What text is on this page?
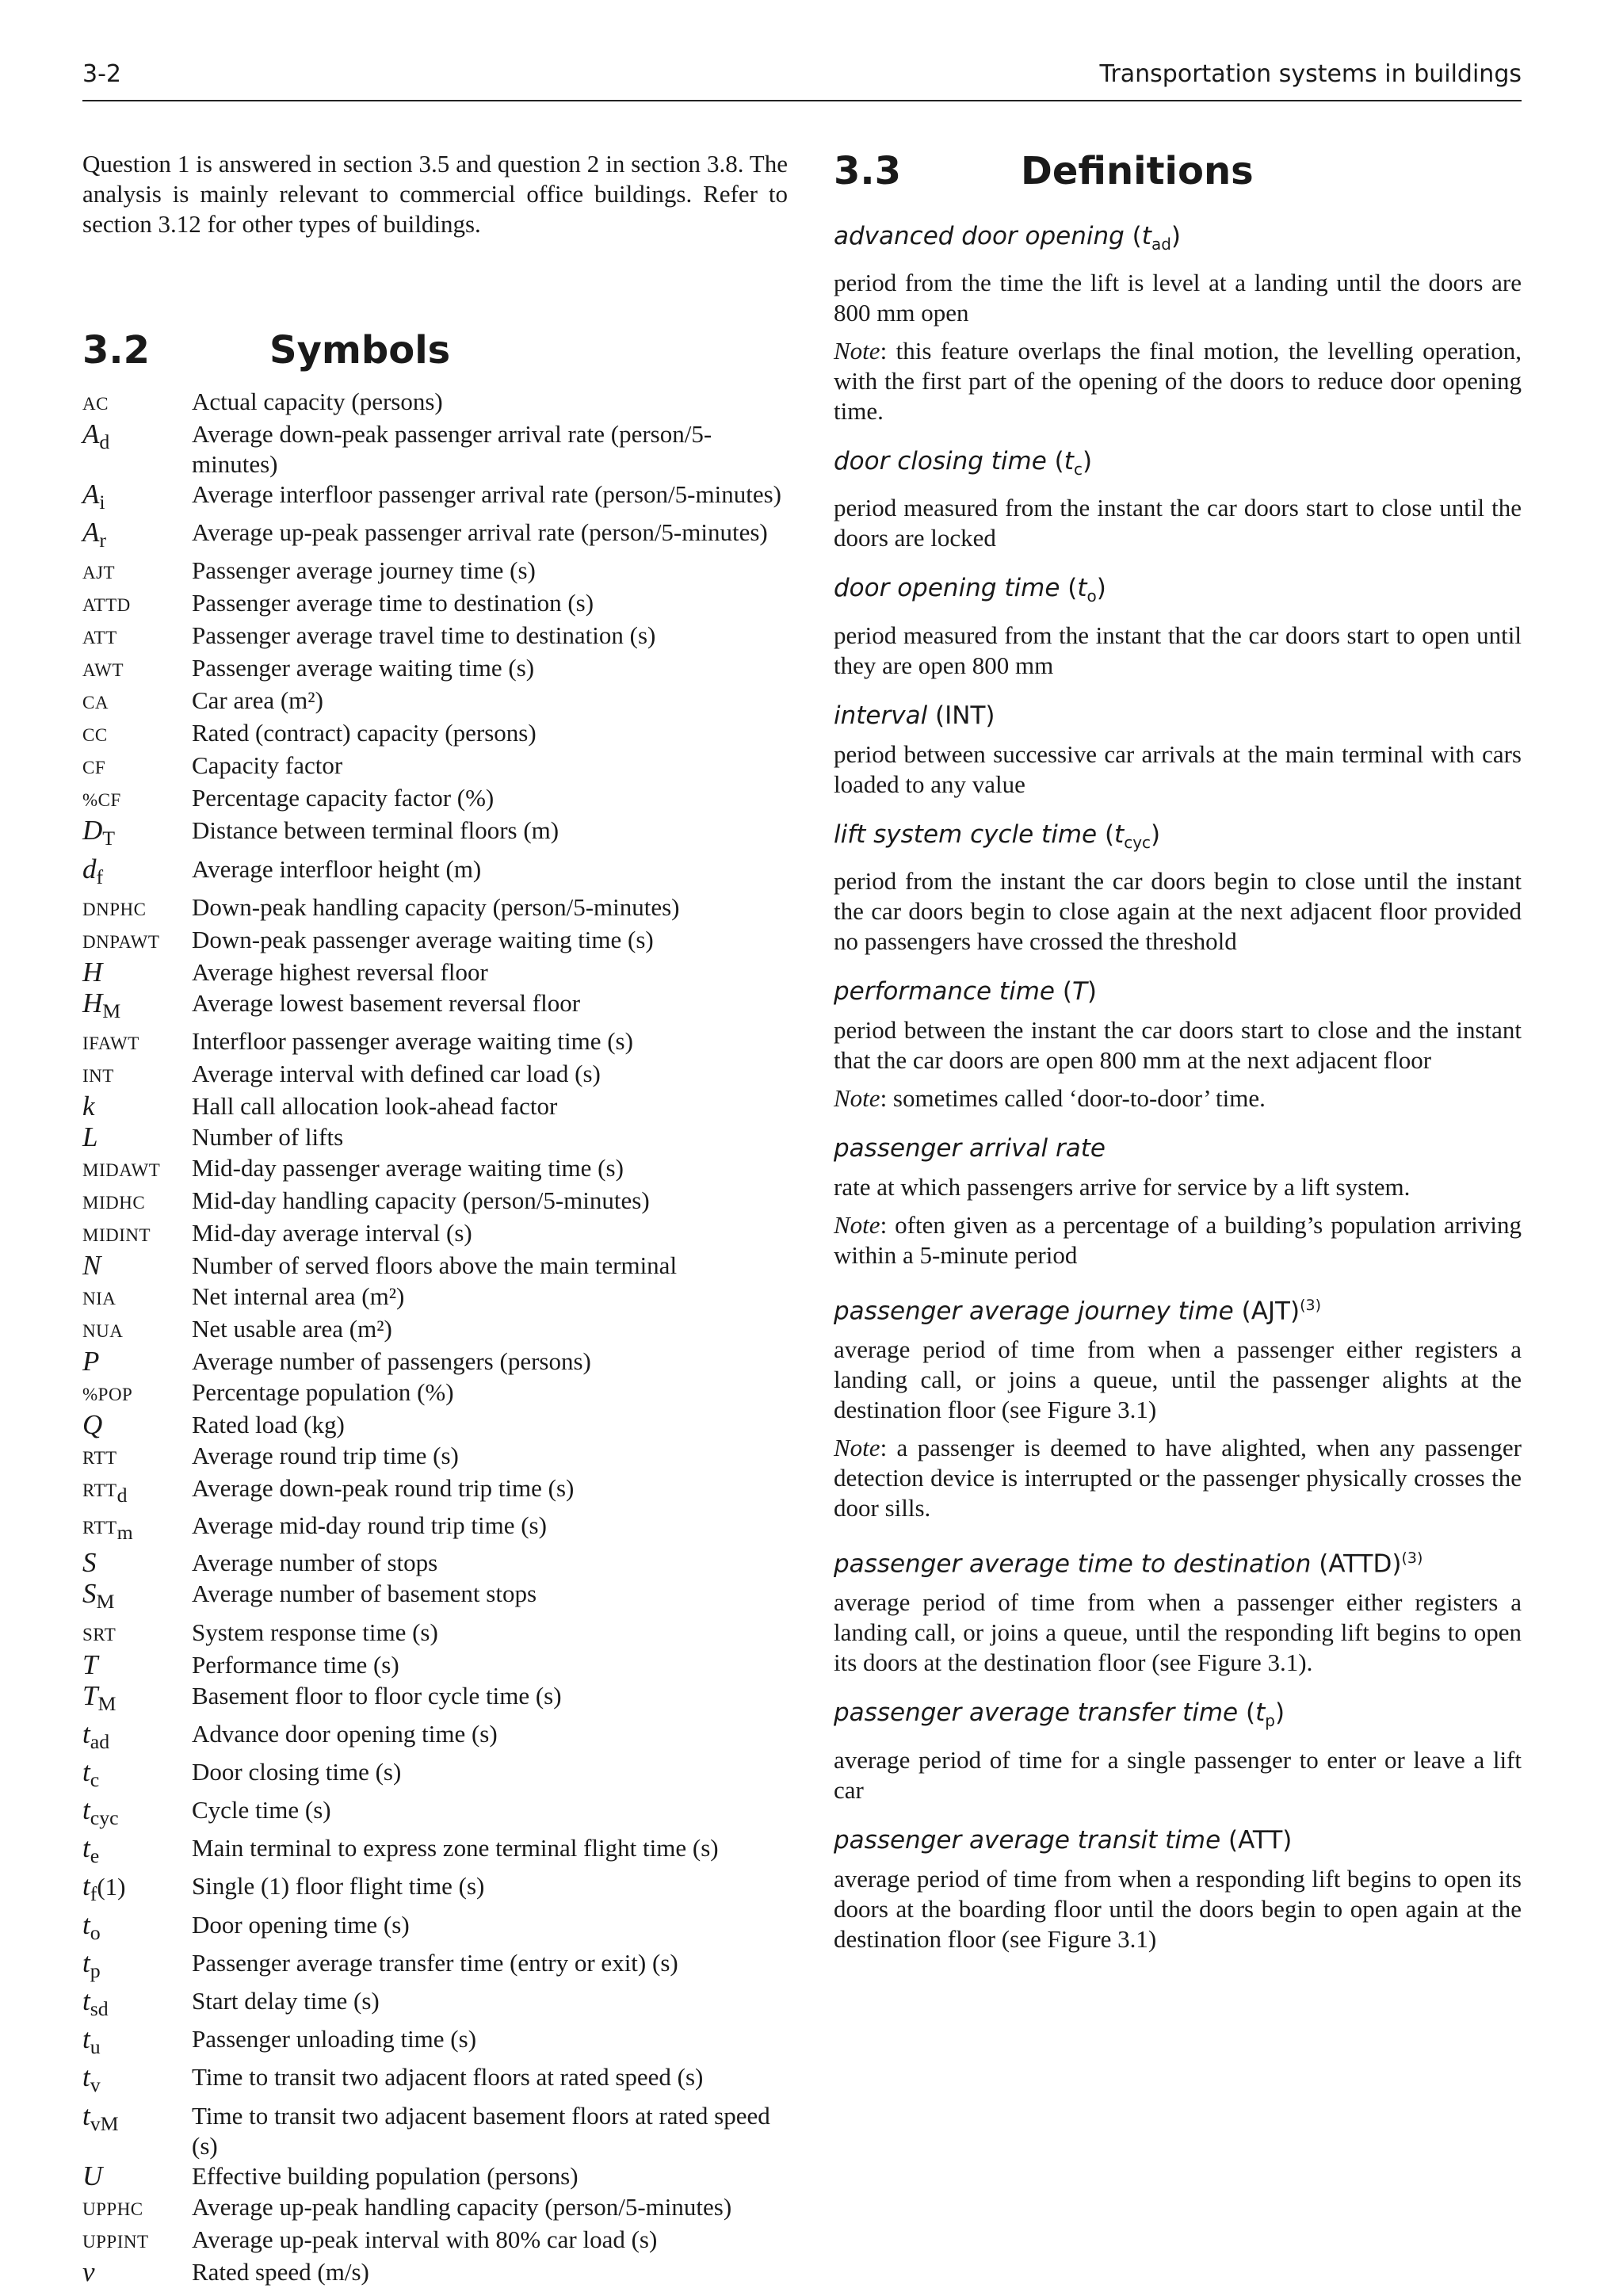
3-2	Transportation systems in buildings

Question 1 is answered in section 3.5 and question 2 in section 3.8. The analysis is mainly relevant to commercial office buildings. Refer to section 3.12 for other types of buildings.

3.2	Symbols
AC	Actual capacity (persons)
$A_d$	Average down-peak passenger arrival rate (person/5-minutes)
$A_i$	Average interfloor passenger arrival rate (person/5-minutes)
$A_r$	Average up-peak passenger arrival rate (person/5-minutes)
AJT	Passenger average journey time (s)
ATTD	Passenger average time to destination (s)
ATT	Passenger average travel time to destination (s)
AWT	Passenger average waiting time (s)
CA	Car area (m²)
CC	Rated (contract) capacity (persons)
CF	Capacity factor
%CF	Percentage capacity factor (%)
$D_T$	Distance between terminal floors (m)
$d_f$	Average interfloor height (m)
DNPHC	Down-peak handling capacity (person/5-minutes)
DNPAWT	Down-peak passenger average waiting time (s)
H	Average highest reversal floor
$H_M$	Average lowest basement reversal floor
IFAWT	Interfloor passenger average waiting time (s)
INT	Average interval with defined car load (s)
k	Hall call allocation look-ahead factor
L	Number of lifts
MIDAWT	Mid-day passenger average waiting time (s)
MIDHC	Mid-day handling capacity (person/5-minutes)
MIDINT	Mid-day average interval (s)
N	Number of served floors above the main terminal
NIA	Net internal area (m²)
NUA	Net usable area (m²)
P	Average number of passengers (persons)
%POP	Percentage population (%)
Q	Rated load (kg)
RTT	Average round trip time (s)
$RTT_d$	Average down-peak round trip time (s)
$RTT_m$	Average mid-day round trip time (s)
S	Average number of stops
$S_M$	Average number of basement stops
SRT	System response time (s)
T	Performance time (s)
$T_M$	Basement floor to floor cycle time (s)
$t_{ad}$	Advance door opening time (s)
$t_c$	Door closing time (s)
$t_{cyc}$	Cycle time (s)
$t_e$	Main terminal to express zone terminal flight time (s)
$t_f(1)$	Single (1) floor flight time (s)
$t_o$	Door opening time (s)
$t_p$	Passenger average transfer time (entry or exit) (s)
$t_{sd}$	Start delay time (s)
$t_u$	Passenger unloading time (s)
$t_v$	Time to transit two adjacent floors at rated speed (s)
$t_{vM}$	Time to transit two adjacent basement floors at rated speed (s)
U	Effective building population (persons)
UPPHC	Average up-peak handling capacity (person/5-minutes)
UPPINT	Average up-peak interval with 80% car load (s)
v	Rated speed (m/s)
3.3	Definitions
advanced door opening $(t_{ad})$

period from the time the lift is level at a landing until the doors are 800 mm open

Note: this feature overlaps the final motion, the levelling operation, with the first part of the opening of the doors to reduce door opening time.

door closing time $(t_c)$

period measured from the instant the car doors start to close until the doors are locked

door opening time $(t_o)$

period measured from the instant that the car doors start to open until they are open 800 mm

interval (INT)

period between successive car arrivals at the main terminal with cars loaded to any value

lift system cycle time $(t_{cyc})$

period from the instant the car doors begin to close until the instant the car doors begin to close again at the next adjacent floor provided no passengers have crossed the threshold

performance time (T)

period between the instant the car doors start to close and the instant that the car doors are open 800 mm at the next adjacent floor

Note: sometimes called ‘door-to-door’ time.

passenger arrival rate

rate at which passengers arrive for service by a lift system.

Note: often given as a percentage of a building’s population arriving within a 5-minute period

passenger average journey time (AJT)$^{(3)}$

average period of time from when a passenger either registers a landing call, or joins a queue, until the passenger alights at the destination floor (see Figure 3.1)

Note: a passenger is deemed to have alighted, when any passenger detection device is interrupted or the passenger physically crosses the door sills.

passenger average time to destination (ATTD)$^{(3)}$

average period of time from when a passenger either registers a landing call, or joins a queue, until the responding lift begins to open its doors at the destination floor (see Figure 3.1).

passenger average transfer time $(t_p)$

average period of time for a single passenger to enter or leave a lift car

passenger average transit time (ATT)

average period of time from when a responding lift begins to open its doors at the boarding floor until the doors begin to open again at the destination floor (see Figure 3.1)
